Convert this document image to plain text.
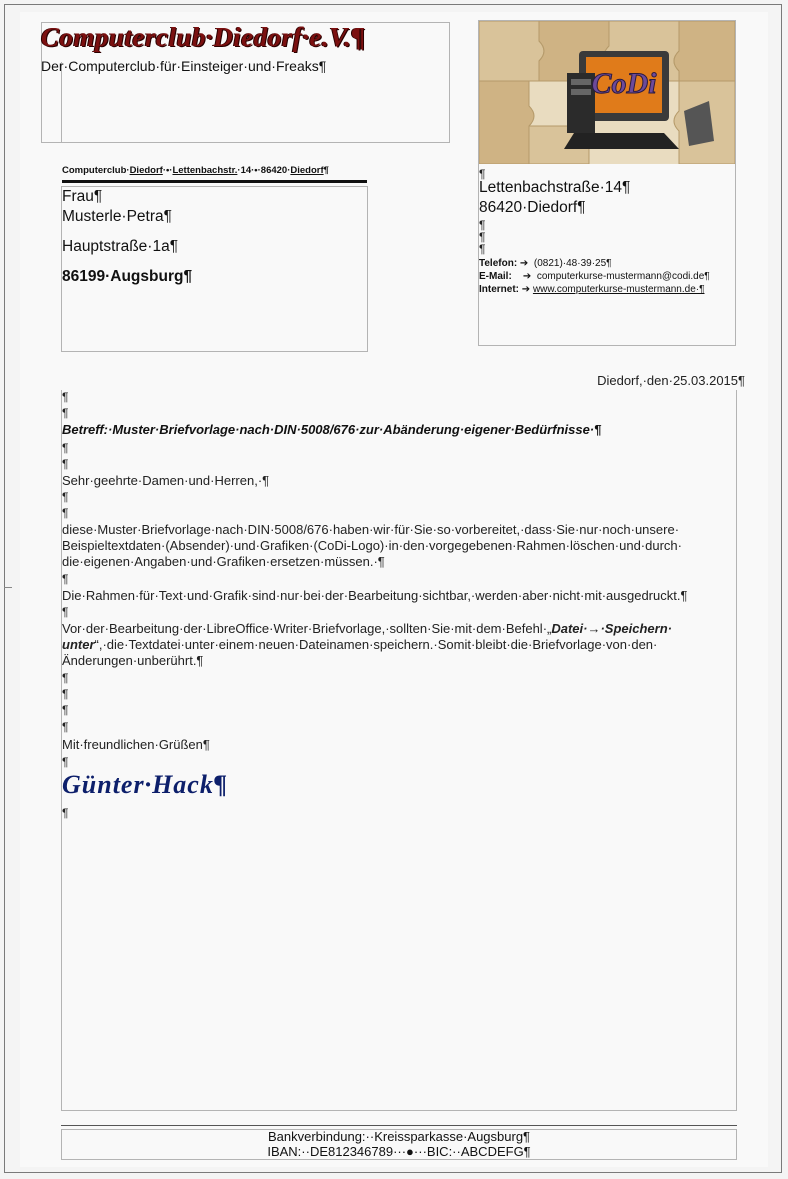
Computerclub·Diedorf·e.V.¶
Der·Computerclub·für·Einsteiger·und·Freaks¶
CoDi
Computerclub·Diedorf·•·Lettenbachstr.·14·•·86420·Diedorf¶
Frau¶
Musterle·Petra¶
Hauptstraße·1a¶
86199·Augsburg¶
¶
Lettenbachstraße·14¶
86420·Diedorf¶
¶
¶
¶
Telefon: ➔  (0821)·48·39·25¶
E-Mail:    ➔  computerkurse-mustermann@codi.de¶
Internet: ➔ www.computerkurse-mustermann.de·¶
Diedorf,·den·25.03.2015¶
¶
¶
Betreff:·Muster·Briefvorlage·nach·DIN·5008/676·zur·Abänderung·eigener·Bedürfnisse·¶
¶
¶
Sehr·geehrte·Damen·und·Herren,·¶
¶
¶
diese·Muster·Briefvorlage·nach·DIN·5008/676·haben·wir·für·Sie·so·vorbereitet,·dass·Sie·nur·noch·unsere·
Beispieltextdaten·(Absender)·und·Grafiken·(CoDi-Logo)·in·den·vorgegebenen·Rahmen·löschen·und·durch·
die·eigenen·Angaben·und·Grafiken·ersetzen·müssen.·¶
¶
Die·Rahmen·für·Text·und·Grafik·sind·nur·bei·der·Bearbeitung·sichtbar,·werden·aber·nicht·mit·ausgedruckt.¶
¶
Vor·der·Bearbeitung·der·LibreOffice·Writer·Briefvorlage,·sollten·Sie·mit·dem·Befehl·„Datei·→·Speichern·
unter“,·die·Textdatei·unter·einem·neuen·Dateinamen·speichern.·Somit·bleibt·die·Briefvorlage·von·den·
Änderungen·unberührt.¶
¶
¶
¶
¶
Mit·freundlichen·Grüßen¶
¶
Günter·Hack¶
¶
Bankverbindung:··Kreissparkasse·Augsburg¶
IBAN:··DE812346789···●···BIC:··ABCDEFG¶
